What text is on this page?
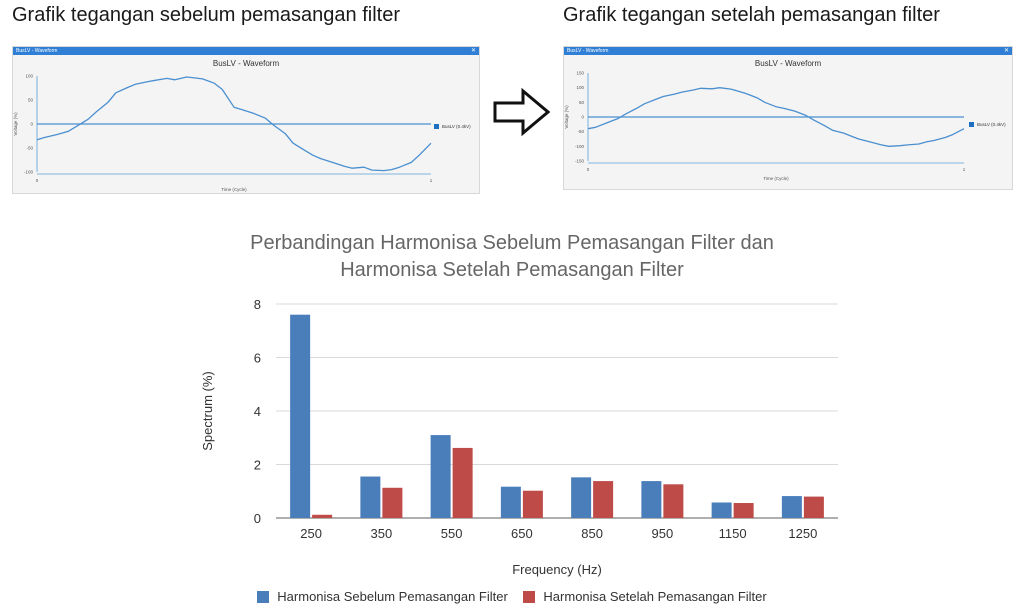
Grafik tegangan sebelum pemasangan filter	Grafik tegangan setelah pemasangan filter
BusLV - Waveform	✕
BusLV - Waveform
100
50
0
-50
-100
0	1
Time (Cycle)
Voltage (%)	BusLV (0.4kV)
BusLV - Waveform	✕
BusLV - Waveform
150
100
50
0
-50
-100
-150
0	1
Time (Cycle)
Voltage (%)	BusLV (0.4kV)
Perbandingan Harmonisa Sebelum Pemasangan Filter dan
Harmonisa Setelah Pemasangan Filter
0
2
4
6
8
250	350	550	650	850	950	1150	1250
Frequency (Hz)
Spectrum (%)
Harmonisa Sebelum Pemasangan Filter	Harmonisa Setelah Pemasangan Filter
